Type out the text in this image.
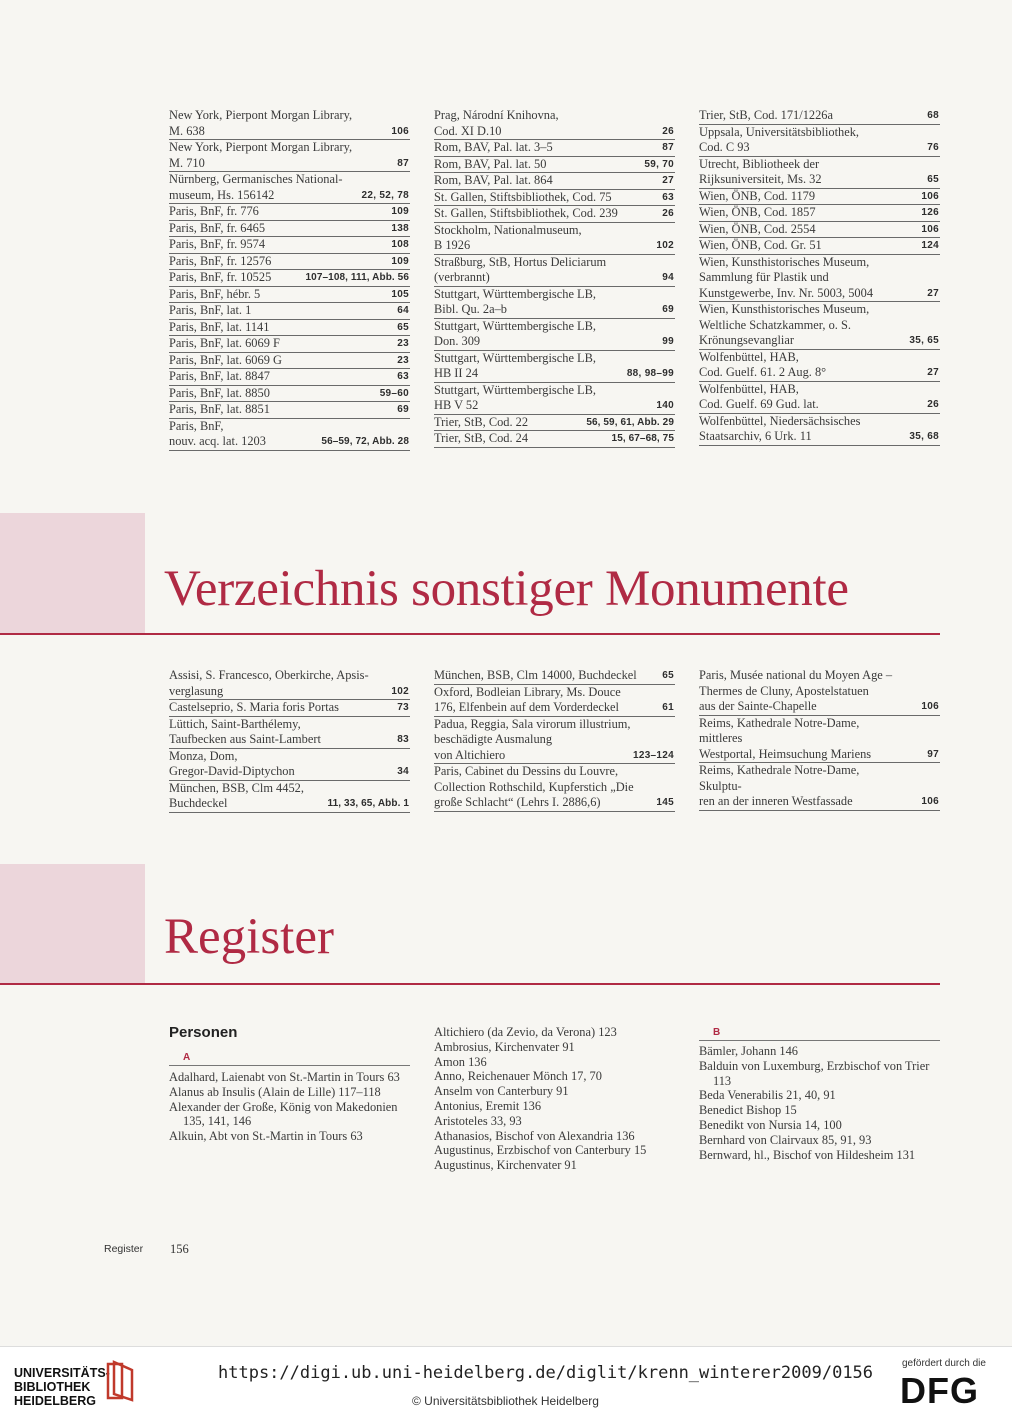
New York, Pierpont Morgan Library,
M. 638	106
New York, Pierpont Morgan Library,
M. 710	87
Nürnberg, Germanisches National-
museum, Hs. 156142	22, 52, 78
Paris, BnF, fr. 776	109
Paris, BnF, fr. 6465	138
Paris, BnF, fr. 9574	108
Paris, BnF, fr. 12576	109
Paris, BnF, fr. 10525	107–108, 111, Abb. 56
Paris, BnF, hébr. 5	105
Paris, BnF, lat. 1	64
Paris, BnF, lat. 1141	65
Paris, BnF, lat. 6069 F	23
Paris, BnF, lat. 6069 G	23
Paris, BnF, lat. 8847	63
Paris, BnF, lat. 8850	59–60
Paris, BnF, lat. 8851	69
Paris, BnF,
nouv. acq. lat. 1203	56–59, 72, Abb. 28
Prag, Národní Knihovna,
Cod. XI D.10	26
Rom, BAV, Pal. lat. 3–5	87
Rom, BAV, Pal. lat. 50	59, 70
Rom, BAV, Pal. lat. 864	27
St. Gallen, Stiftsbibliothek, Cod. 75	63
St. Gallen, Stiftsbibliothek, Cod. 239	26
Stockholm, Nationalmuseum,
B 1926	102
Straßburg, StB, Hortus Deliciarum
(verbrannt)	94
Stuttgart, Württembergische LB,
Bibl. Qu. 2a–b	69
Stuttgart, Württembergische LB,
Don. 309	99
Stuttgart, Württembergische LB,
HB II 24	88, 98–99
Stuttgart, Württembergische LB,
HB V 52	140
Trier, StB, Cod. 22	56, 59, 61, Abb. 29
Trier, StB, Cod. 24	15, 67–68, 75
Trier, StB, Cod. 171/1226a	68
Uppsala, Universitätsbibliothek,
Cod. C 93	76
Utrecht, Bibliotheek der
Rijksuniversiteit, Ms. 32	65
Wien, ÖNB, Cod. 1179	106
Wien, ÖNB, Cod. 1857	126
Wien, ÖNB, Cod. 2554	106
Wien, ÖNB, Cod. Gr. 51	124
Wien, Kunsthistorisches Museum,
Sammlung für Plastik und
Kunstgewerbe, Inv. Nr. 5003, 5004	27
Wien, Kunsthistorisches Museum,
Weltliche Schatzkammer, o. S.
Krönungsevangliar	35, 65
Wolfenbüttel, HAB,
Cod. Guelf. 61. 2 Aug. 8°	27
Wolfenbüttel, HAB,
Cod. Guelf. 69 Gud. lat.	26
Wolfenbüttel, Niedersächsisches
Staatsarchiv, 6 Urk. 11	35, 68
Verzeichnis sonstiger Monumente
Assisi, S. Francesco, Oberkirche, Apsis-
verglasung	102
Castelseprio, S. Maria foris Portas	73
Lüttich, Saint-Barthélemy,
Taufbecken aus Saint-Lambert	83
Monza, Dom,
Gregor-David-Diptychon	34
München, BSB, Clm 4452,
Buchdeckel	11, 33, 65, Abb. 1
München, BSB, Clm 14000, Buchdeckel	65
Oxford, Bodleian Library, Ms. Douce
176, Elfenbein auf dem Vorderdeckel	61
Padua, Reggia, Sala virorum illustrium,
beschädigte Ausmalung
von Altichiero	123–124
Paris, Cabinet du Dessins du Louvre,
Collection Rothschild, Kupferstich „Die
große Schlacht“ (Lehrs I. 2886,6)	145
Paris, Musée national du Moyen Age –
Thermes de Cluny, Apostelstatuen
aus der Sainte-Chapelle	106
Reims, Kathedrale Notre-Dame, mittleres
Westportal, Heimsuchung Mariens	97
Reims, Kathedrale Notre-Dame, Skulptu-
ren an der inneren Westfassade	106
Register
Personen
A
B

Adalhard, Laienabt von St.-Martin in Tours 63

Alanus ab Insulis (Alain de Lille) 117–118

Alexander der Große, König von Makedonien 135, 141, 146

Alkuin, Abt von St.-Martin in Tours 63

Altichiero (da Zevio, da Verona) 123

Ambrosius, Kirchenvater 91

Amon 136

Anno, Reichenauer Mönch 17, 70

Anselm von Canterbury 91

Antonius, Eremit 136

Aristoteles 33, 93

Athanasios, Bischof von Alexandria 136

Augustinus, Erzbischof von Canterbury 15

Augustinus, Kirchenvater 91

Bämler, Johann 146

Balduin von Luxemburg, Erzbischof von Trier 113

Beda Venerabilis 21, 40, 91

Benedict Bishop 15

Benedikt von Nursia 14, 100

Bernhard von Clairvaux 85, 91, 93

Bernward, hl., Bischof von Hildesheim 131

Register 156
UNIVERSITÄTS-
BIBLIOTHEK
HEIDELBERG
https://digi.ub.uni-heidelberg.de/diglit/krenn_winterer2009/0156
© Universitätsbibliothek Heidelberg
gefördert durch die
DFG
